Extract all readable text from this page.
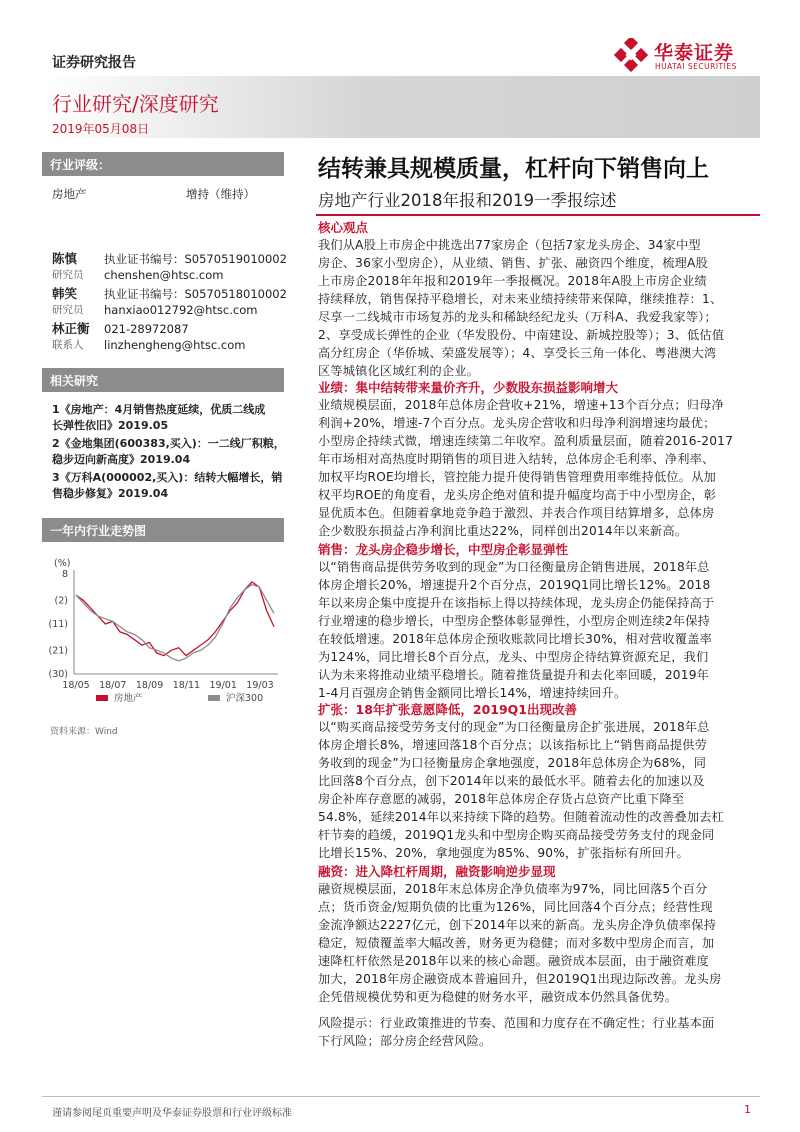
证券研究报告	华泰证券
HUATAI SECURITIES
行业研究/深度研究
2019年05月08日
行业评级：
房地产	增持（维持）
陈慎 执业证书编号：S0570519010002
研究员 chenshen@htsc.com
韩笑 执业证书编号：S0570518010002
研究员 hanxiao012792@htsc.com
林正衡 021-28972087
联系人 linzhengheng@htsc.com
相关研究
1《房地产：4月销售热度延续，优质二线成
长弹性依旧》2019.05
2《金地集团(600383,买入)：一二线厂积粮，
稳步迈向新高度》2019.04
3《万科A(000002,买入)：结转大幅增长，销
售稳步修复》2019.04
一年内行业走势图
(%)
8
(2)
(11)
(21)
(30)
18/05 18/07 18/09 18/11 19/01 19/03
房地产	沪深300
资料来源：Wind
结转兼具规模质量，杠杆向下销售向上
房地产行业2018年报和2019一季报综述
核心观点
我们从A股上市房企中挑选出77家房企（包括7家龙头房企、34家中型
房企、36家小型房企），从业绩、销售、扩张、融资四个维度，梳理A股
上市房企2018年年报和2019年一季报概况。2018年A股上市房企业绩
持续释放，销售保持平稳增长，对未来业绩持续带来保障，继续推荐：1、
尽享一二线城市市场复苏的龙头和稀缺经纪龙头（万科A、我爱我家等）；
2、享受成长弹性的企业（华发股份、中南建设、新城控股等）；3、低估值
高分红房企（华侨城、荣盛发展等）；4、享受长三角一体化、粤港澳大湾
区等城镇化区域红利的企业。
业绩：集中结转带来量价齐升，少数股东损益影响增大
业绩规模层面，2018年总体房企营收+21%，增速+13个百分点；归母净
利润+20%，增速-7个百分点。龙头房企营收和归母净利润增速均最优；
小型房企持续式微，增速连续第二年收窄。盈利质量层面，随着2016-2017
年市场相对高热度时期销售的项目进入结转，总体房企毛利率、净利率、
加权平均ROE均增长，管控能力提升使得销售管理费用率维持低位。从加
权平均ROE的角度看，龙头房企绝对值和提升幅度均高于中小型房企，彰
显优质本色。但随着拿地竞争趋于激烈、并表合作项目结算增多，总体房
企少数股东损益占净利润比重达22%，同样创出2014年以来新高。
销售：龙头房企稳步增长，中型房企彰显弹性
以“销售商品提供劳务收到的现金”为口径衡量房企销售进展，2018年总
体房企增长20%，增速提升2个百分点，2019Q1同比增长12%。2018
年以来房企集中度提升在该指标上得以持续体现，龙头房企仍能保持高于
行业增速的稳步增长，中型房企整体彰显弹性，小型房企则连续2年保持
在较低增速。2018年总体房企预收账款同比增长30%，相对营收覆盖率
为124%，同比增长8个百分点，龙头、中型房企待结算资源充足，我们
认为未来将推动业绩平稳增长。随着推货量提升和去化率回暖，2019年
1-4月百强房企销售金额同比增长14%，增速持续回升。
扩张：18年扩张意愿降低，2019Q1出现改善
以“购买商品接受劳务支付的现金”为口径衡量房企扩张进展，2018年总
体房企增长8%，增速回落18个百分点；以该指标比上“销售商品提供劳
务收到的现金”为口径衡量房企拿地强度，2018年总体房企为68%，同
比回落8个百分点，创下2014年以来的最低水平。随着去化的加速以及
房企补库存意愿的减弱，2018年总体房企存货占总资产比重下降至
54.8%，延续2014年以来持续下降的趋势。但随着流动性的改善叠加去杠
杆节奏的趋缓，2019Q1龙头和中型房企购买商品接受劳务支付的现金同
比增长15%、20%，拿地强度为85%、90%，扩张指标有所回升。
融资：进入降杠杆周期，融资影响逆步显现
融资规模层面，2018年末总体房企净负债率为97%，同比回落5个百分
点；货币资金/短期负债的比重为126%，同比回落4个百分点；经营性现
金流净额达2227亿元，创下2014年以来的新高。龙头房企净负债率保持
稳定，短债覆盖率大幅改善，财务更为稳健；而对多数中型房企而言，加
速降杠杆依然是2018年以来的核心命题。融资成本层面，由于融资难度
加大，2018年房企融资成本普遍回升，但2019Q1出现边际改善。龙头房
企凭借规模优势和更为稳健的财务水平，融资成本仍然具备优势。
风险提示：行业政策推进的节奏、范围和力度存在不确定性；行业基本面
下行风险；部分房企经营风险。
谨请参阅尾页重要声明及华泰证券股票和行业评级标准	1
